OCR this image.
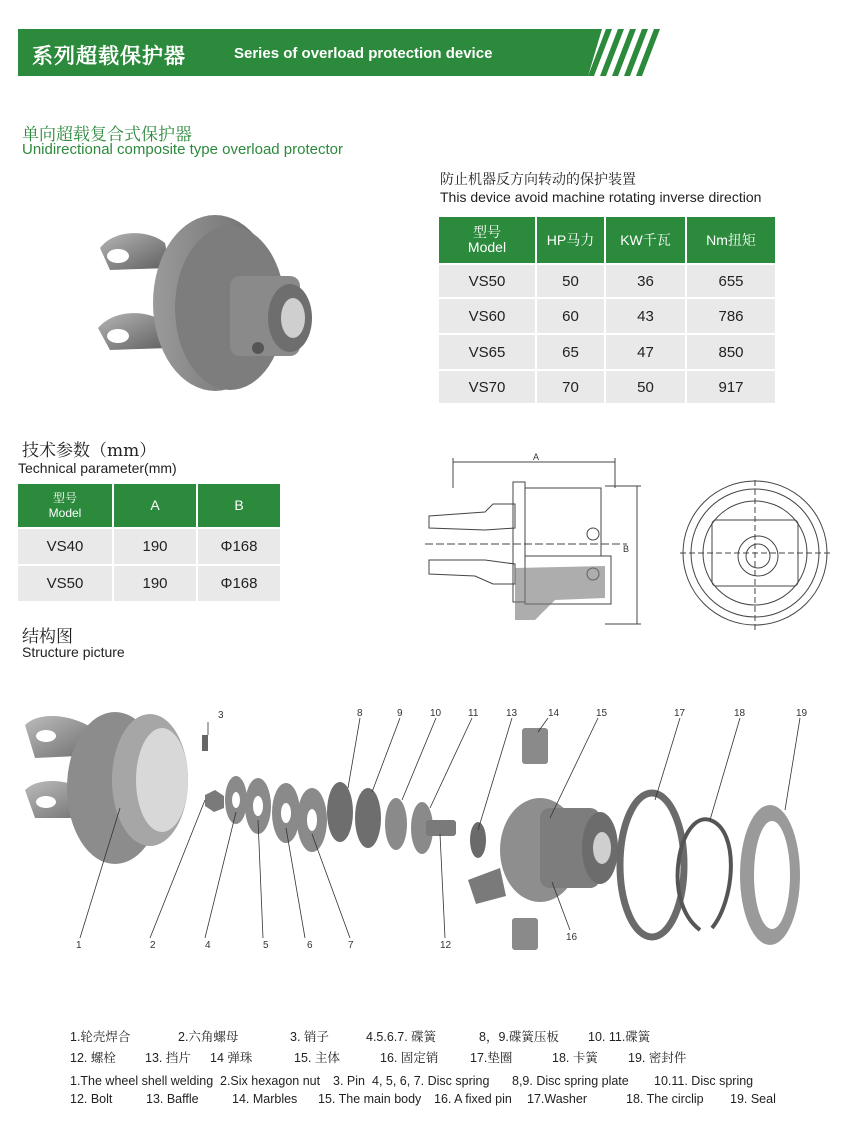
系列超载保护器	Series of overload protection device
单向超载复合式保护器
Unidirectional composite type overload protector
防止机器反方向转动的保护装置
This device avoid machine rotating inverse direction
型号
Model	HP马力	KW千瓦	Nm扭矩
VS50	50	36	655
VS60	60	43	786
VS65	65	47	850
VS70	70	50	917
技术参数（mm）
Technical parameter(mm)
型号
Model	A	B
VS40	190	Φ168
VS50	190	Φ168
A
B
结构图
Structure picture
1	2
3
4	5	6	7
8	9	10	11
12
13	14	15
16
17	18	19
1.轮壳焊合	2.六角螺母	3. 销子	4.5.6.7. 碟簧	8，9.碟簧压板 10. 11.碟簧
12. 螺栓 13. 挡片 14 弹珠	15. 主体	16. 固定销	17.垫圈	18. 卡簧 19. 密封件
1.The wheel shell welding 2.Six hexagon nut 3. Pin 4, 5, 6, 7. Disc spring 8,9. Disc spring plate 10.11. Disc spring
12. Bolt	13. Baffle	14. Marbles 15. The main body 16. A fixed pin 17.Washer	18. The circlip 19. Seal
